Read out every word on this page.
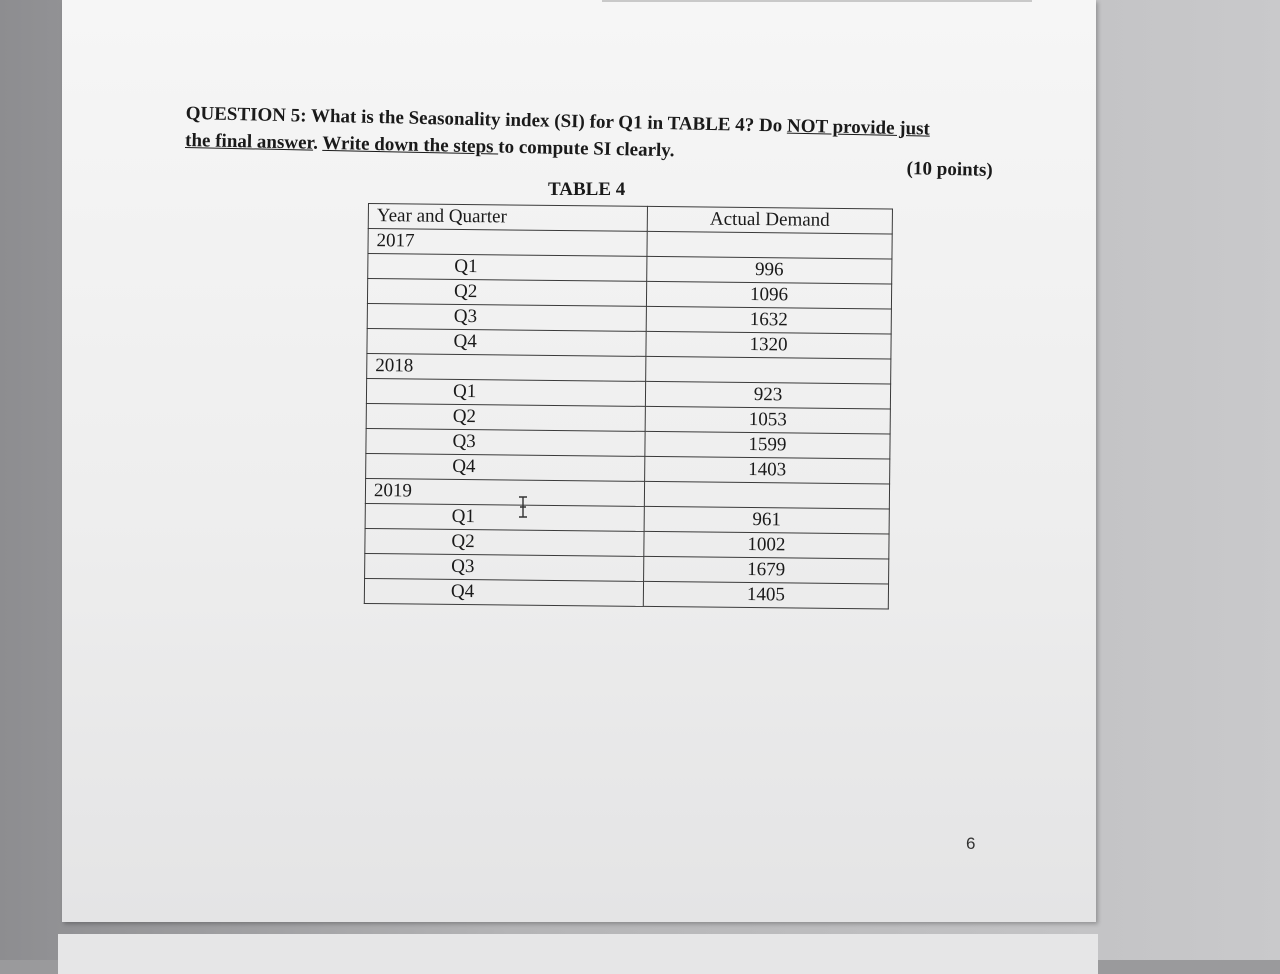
QUESTION 5: What is the Seasonality index (SI) for Q1 in TABLE 4? Do NOT provide just
the final answer. Write down the steps to compute SI clearly.
(10 points)
TABLE 4
Year and Quarter	Actual Demand
2017	
Q1	996
Q2	1096
Q3	1632
Q4	1320
2018	
Q1	923
Q2	1053
Q3	1599
Q4	1403
2019	
Q1	961
Q2	1002
Q3	1679
Q4	1405
6
